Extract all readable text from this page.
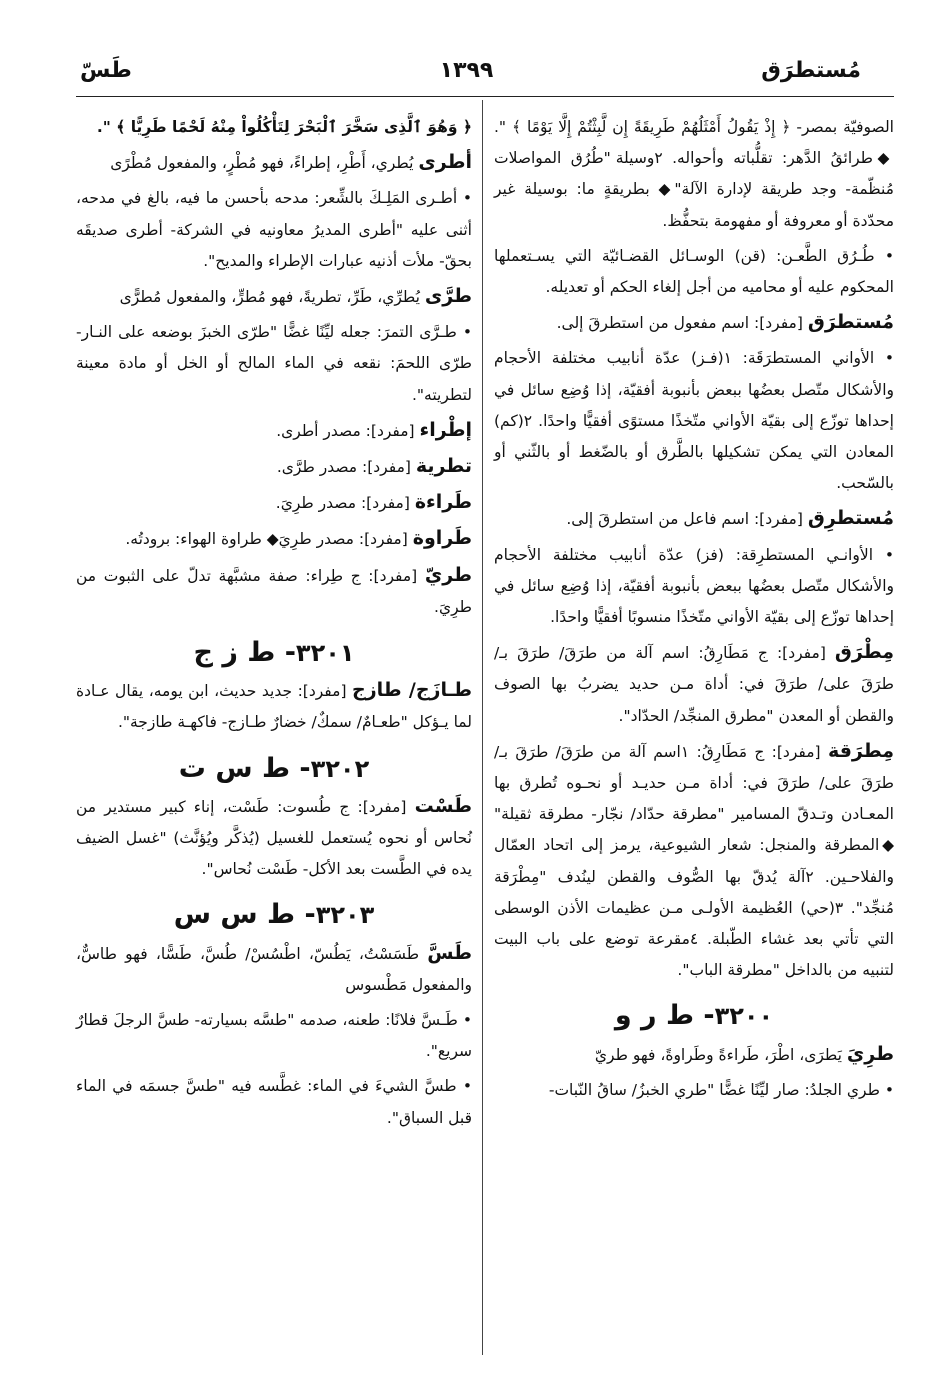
طَسّ	١٣٩٩	مُستطرَق

الصوفيّة بمصر- ﴿ إِذْ يَقُولُ أَمْثَلُهُمْ طَرِيقَةً إِن لَّبِثْتُمْ إِلَّا يَوْمًا ﴾ ". ◆طرائقُ الدَّهر: تقلُّباته وأحواله. ٢وسيلة "طُرُق المواصلات مُنظّمة- وجد طريقة لإدارة الآلة"◆ بطريقةٍ ما: بوسيلة غير محدّدة أو معروفة أو مفهومة بتحفُّظ.

• طُـرُق الطَّعـن: (قن) الوسـائل القضـائيّة التي يسـتعملها المحكوم عليه أو محاميه من أجل إلغاء الحكم أو تعديله.

مُستطرَق [مفرد]: اسم مفعول من استطرقَ إلى.

• الأواني المستطرَقَة: ١(فـز) عدّة أنابيب مختلفة الأحجام والأشكال متّصل بعضُها ببعض بأنبوبة أفقيّة، إذا وُضِع سائل في إحداها توزّع إلى بقيّة الأواني متّخذًا مستوًى أفقيًّا واحدًا. ٢(كم) المعادن التي يمكن تشكيلها بالطَّرق أو بالضّغط أو بالثّني أو بالسّحب.

مُستطرِق [مفرد]: اسم فاعل من استطرقَ إلى.

• الأوانـي المستطرِقة: (فز) عدّة أنابيب مختلفة الأحجام والأشكال متّصل بعضُها ببعض بأنبوبة أفقيّة، إذا وُضِع سائل في إحداها توزّع إلى بقيّة الأواني متّخذًا منسوبًا أفقيًّا واحدًا.

مِطْرَق [مفرد]: ج مَطَارِقُ: اسم آلة من طرَقَ/ طرَقَ بـ/ طرَقَ على/ طرَقَ في: أداة مـن حديد يضربُ بها الصوف والقطن أو المعدن "مطرق المنجِّد/ الحدّاد".

مِطرَقة [مفرد]: ج مَطَارِقُ: ١اسم آلة من طرَقَ/ طرَقَ بـ/ طرَقَ على/ طرَقَ في: أداة مـن حديـد أو نحـوه تُطرق بها المعـادن وتـدقّ المسامير "مطرقة حدّاد/ نجّار- مطرقة ثقيلة" ◆المطرقة والمنجل: شعار الشيوعية، يرمز إلى اتحاد العمّال والفلاحـين. ٢آلة يُدقّ بها الصُّوف والقطن لينُدف "مِطْرَقة مُنجِّد". ٣(حي) العُظيمة الأولـى مـن عظيمات الأذن الوسطى التي تأتي بعد غشاء الطّبلة. ٤مقرعة توضع على باب البيت لتنبيه من بالداخل "مطرقة الباب".

٣٢٠٠- ط ر و

طرِيَ يَطرَى، اطْرَ، طَراءةً وطَراوةً، فهو طريّ

• طري الجلدُ: صار ليِّنًا غضًّا "طري الخبزُ/ ساقُ النّبات-

﴿ وَهُوَ ٱلَّذِى سَخَّرَ ٱلْبَحْرَ لِتَأْكُلُواْ مِنْهُ لَحْمًا طَرِيًّا ﴾ ".

أطرى يُطري، أَطْرِ، إطراءً، فهو مُطْرٍ، والمفعول مُطْرًى

• أطـرى المَلِـكَ بالشِّعر: مدحه بأحسن ما فيه، بالغ في مدحه، أثنى عليه "أطرى المديرُ معاونيه في الشركة- أطرى صديقَه بحقّ- ملأت أذنيه عبارات الإطراء والمديح".

طرَّى يُطرِّي، طَرِّ، تطريةً، فهو مُطرٍّ، والمفعول مُطرًّى

• طـرَّى التمرَ: جعله ليِّنًا غضًّا "طرّى الخبزَ بوضعه على النـار- طرّى اللحمَ: نقعه في الماء المالح أو الخل أو مادة معينة لتطريته".

إطْراء [مفرد]: مصدر أطرى.

تطرية [مفرد]: مصدر طرَّى.

طَراءة [مفرد]: مصدر طرِيَ.

طَراوة [مفرد]: مصدر طرِيَ◆ طراوة الهواء: برودتُه.

طريّ [مفرد]: ج طِراء: صفة مشبَّهة تدلّ على الثبوت من طرِيَ.

٣٢٠١- ط ز ج

طـازَج/ طازج [مفرد]: جديد حديث، ابن يومه، يقال عـادة لما يـؤكل "طعـامٌ/ سمكٌ/ خضارٌ طـازج- فاكهـة طازجة".

٣٢٠٢- ط س ت

طَسْت [مفرد]: ج طُسوت: طَسْت، إناء كبير مستدير من نُحاس أو نحوه يُستعمل للغسيل (يُذكَّر ويُؤنَّث) "غسل الضيف يده في الطَّست بعد الأكل- طَسْت نُحاس".

٣٢٠٣- ط س س

طَسَّ طَسَسْتُ، يَطُسّ، اطْسُسْ/ طُسَّ، طَسًّا، فهو طاسٌّ، والمفعول مَطْسوس

• طَـسَّ فلانًا: طعنه، صدمه "طسَّه بسيارته- طسَّ الرجلَ قطارٌ سريع".

• طسَّ الشيءَ في الماء: غطَّسه فيه "طسَّ جسمَه في الماء قبل السباق".
